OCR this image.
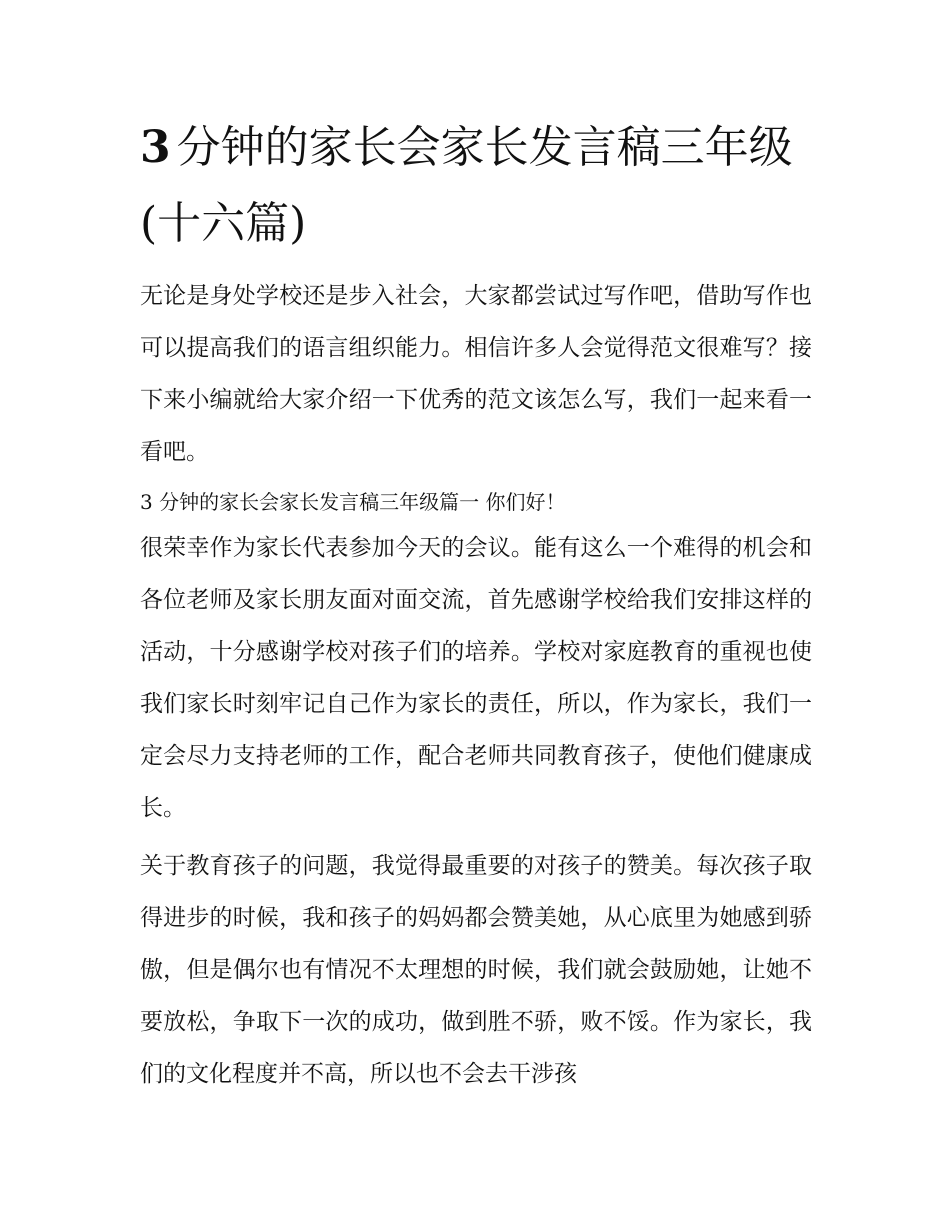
3 分钟的家长会家长发言稿三年级(十六篇)

无论是身处学校还是步入社会，大家都尝试过写作吧，借助写作也可以提高我们的语言组织能力。相信许多人会觉得范文很难写？接下来小编就给大家介绍一下优秀的范文该怎么写，我们一起来看一看吧。

3 分钟的家长会家长发言稿三年级篇一 你们好！

很荣幸作为家长代表参加今天的会议。能有这么一个难得的机会和各位老师及家长朋友面对面交流，首先感谢学校给我们安排这样的活动，十分感谢学校对孩子们的培养。学校对家庭教育的重视也使我们家长时刻牢记自己作为家长的责任，所以，作为家长，我们一定会尽力支持老师的工作，配合老师共同教育孩子，使他们健康成长。

关于教育孩子的问题，我觉得最重要的对孩子的赞美。每次孩子取得进步的时候，我和孩子的妈妈都会赞美她，从心底里为她感到骄傲，但是偶尔也有情况不太理想的时候，我们就会鼓励她，让她不要放松，争取下一次的成功，做到胜不骄，败不馁。作为家长，我们的文化程度并不高，所以也不会去干涉孩
